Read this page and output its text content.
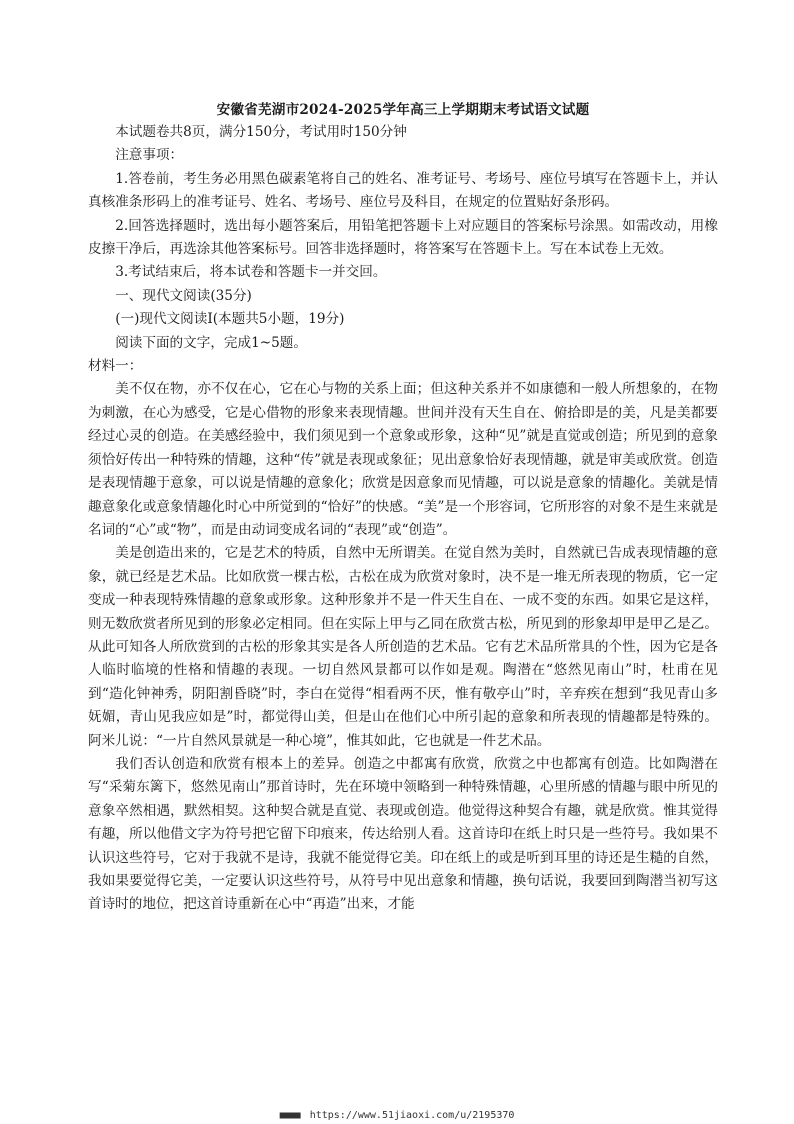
安徽省芜湖市2024-2025学年高三上学期期末考试语文试题

本试题卷共8页，满分150分，考试用时150分钟

注意事项：

1.答卷前，考生务必用黑色碳素笔将自己的姓名、准考证号、考场号、座位号填写在答题卡上，并认真核准条形码上的准考证号、姓名、考场号、座位号及科目，在规定的位置贴好条形码。

2.回答选择题时，选出每小题答案后，用铅笔把答题卡上对应题目的答案标号涂黑。如需改动，用橡皮擦干净后，再选涂其他答案标号。回答非选择题时，将答案写在答题卡上。写在本试卷上无效。

3.考试结束后，将本试卷和答题卡一并交回。

一、现代文阅读(35分)

(一)现代文阅读Ⅰ(本题共5小题，19分)

阅读下面的文字，完成1~5题。

材料一：

美不仅在物，亦不仅在心，它在心与物的关系上面；但这种关系并不如康德和一般人所想象的，在物为刺激，在心为感受，它是心借物的形象来表现情趣。世间并没有天生自在、俯拾即是的美，凡是美都要经过心灵的创造。在美感经验中，我们须见到一个意象或形象，这种“见”就是直觉或创造；所见到的意象须恰好传出一种特殊的情趣，这种“传”就是表现或象征；见出意象恰好表现情趣，就是审美或欣赏。创造是表现情趣于意象，可以说是情趣的意象化；欣赏是因意象而见情趣，可以说是意象的情趣化。美就是情趣意象化或意象情趣化时心中所觉到的“恰好”的快感。“美”是一个形容词，它所形容的对象不是生来就是名词的“心”或“物”，而是由动词变成名词的“表现”或“创造”。

美是创造出来的，它是艺术的特质，自然中无所谓美。在觉自然为美时，自然就已告成表现情趣的意象，就已经是艺术品。比如欣赏一棵古松，古松在成为欣赏对象时，决不是一堆无所表现的物质，它一定变成一种表现特殊情趣的意象或形象。这种形象并不是一件天生自在、一成不变的东西。如果它是这样，则无数欣赏者所见到的形象必定相同。但在实际上甲与乙同在欣赏古松，所见到的形象却甲是甲乙是乙。从此可知各人所欣赏到的古松的形象其实是各人所创造的艺术品。它有艺术品所常具的个性，因为它是各人临时临境的性格和情趣的表现。一切自然风景都可以作如是观。陶潜在“悠然见南山”时，杜甫在见到“造化钟神秀，阴阳割昏晓”时，李白在觉得“相看两不厌，惟有敬亭山”时，辛弃疾在想到“我见青山多妩媚，青山见我应如是”时，都觉得山美，但是山在他们心中所引起的意象和所表现的情趣都是特殊的。阿米儿说：“一片自然风景就是一种心境”，惟其如此，它也就是一件艺术品。

我们否认创造和欣赏有根本上的差异。创造之中都寓有欣赏，欣赏之中也都寓有创造。比如陶潜在写“采菊东篱下，悠然见南山”那首诗时，先在环境中领略到一种特殊情趣，心里所感的情趣与眼中所见的意象卒然相遇，默然相契。这种契合就是直觉、表现或创造。他觉得这种契合有趣，就是欣赏。惟其觉得有趣，所以他借文字为符号把它留下印痕来，传达给别人看。这首诗印在纸上时只是一些符号。我如果不认识这些符号，它对于我就不是诗，我就不能觉得它美。印在纸上的或是听到耳里的诗还是生糙的自然，我如果要觉得它美，一定要认识这些符号，从符号中见出意象和情趣，换句话说，我要回到陶潜当初写这首诗时的地位，把这首诗重新在心中“再造”出来，才能

■■■■ https://www.51jiaoxi.com/u/2195370
